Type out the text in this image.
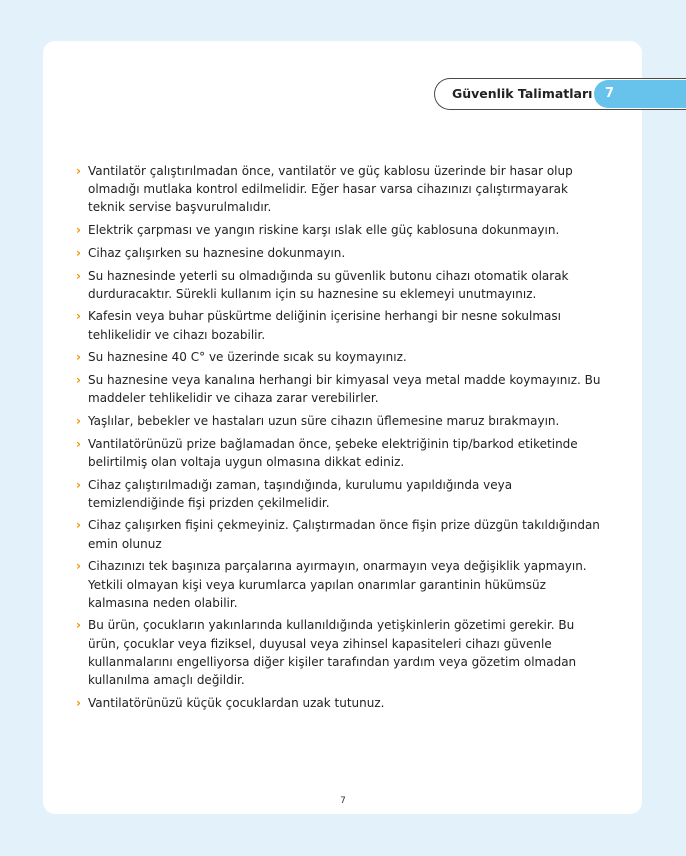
Güvenlik Talimatları 7
› Vantilatör çalıştırılmadan önce, vantilatör ve güç kablosu üzerinde bir hasar olup olmadığı mutlaka kontrol edilmelidir. Eğer hasar varsa cihazınızı çalıştırmayarak teknik servise başvurulmalıdır.
› Elektrik çarpması ve yangın riskine karşı ıslak elle güç kablosuna dokunmayın.
› Cihaz çalışırken su haznesine dokunmayın.
› Su haznesinde yeterli su olmadığında su güvenlik butonu cihazı otomatik olarak durduracaktır. Sürekli kullanım için su haznesine su eklemeyi unutmayınız.
› Kafesin veya buhar püskürtme deliğinin içerisine herhangi bir nesne sokulması tehlikelidir ve cihazı bozabilir.
› Su haznesine 40 C° ve üzerinde sıcak su koymayınız.
› Su haznesine veya kanalına herhangi bir kimyasal veya metal madde koymayınız. Bu maddeler tehlikelidir ve cihaza zarar verebilirler.
› Yaşlılar, bebekler ve hastaları uzun süre cihazın üflemesine maruz bırakmayın.
› Vantilatörünüzü prize bağlamadan önce, şebeke elektriğinin tip/barkod etiketinde belirtilmiş olan voltaja uygun olmasına dikkat ediniz.
› Cihaz çalıştırılmadığı zaman, taşındığında, kurulumu yapıldığında veya temizlendiğinde fişi prizden çekilmelidir.
› Cihaz çalışırken fişini çekmeyiniz. Çalıştırmadan önce fişin prize düzgün takıldığından emin olunuz
› Cihazınızı tek başınıza parçalarına ayırmayın, onarmayın veya değişiklik yapmayın. Yetkili olmayan kişi veya kurumlarca yapılan onarımlar garantinin hükümsüz kalmasına neden olabilir.
› Bu ürün, çocukların yakınlarında kullanıldığında yetişkinlerin gözetimi gerekir. Bu ürün, çocuklar veya fiziksel, duyusal veya zihinsel kapasiteleri cihazı güvenle kullanmalarını engelliyorsa diğer kişiler tarafından yardım veya gözetim olmadan kullanılma amaçlı değildir.
› Vantilatörünüzü küçük çocuklardan uzak tutunuz.
7
